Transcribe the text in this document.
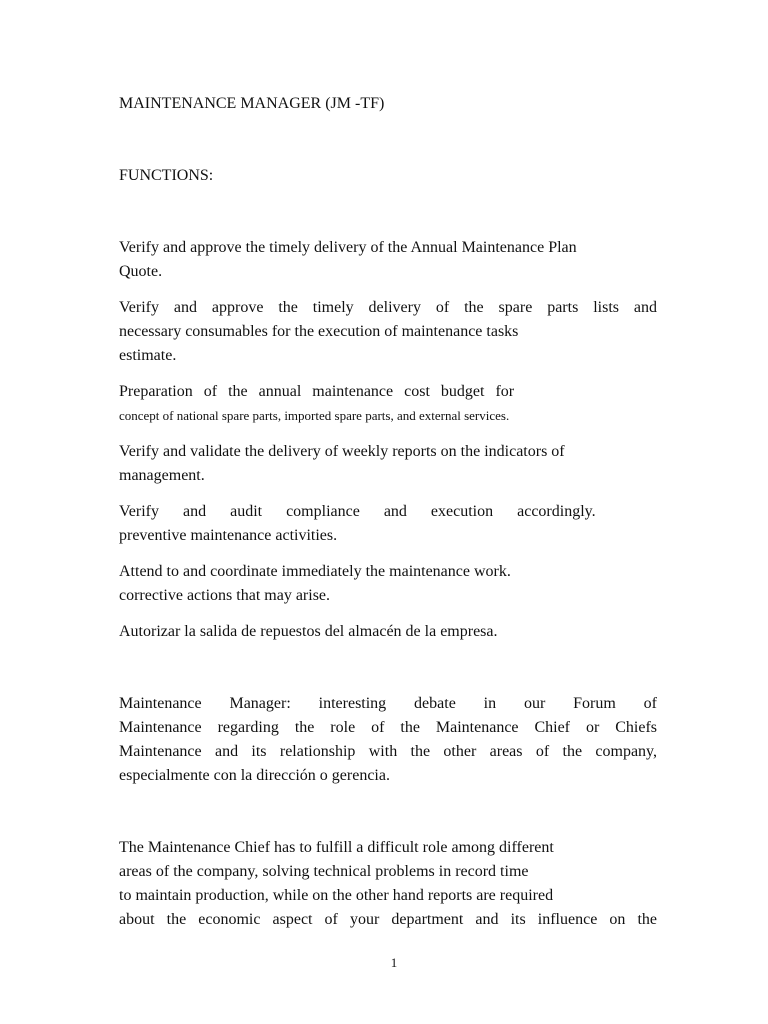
MAINTENANCE MANAGER (JM -TF)

FUNCTIONS:

Verify and approve the timely delivery of the Annual Maintenance Plan

Quote.

Verify and approve the timely delivery of the spare parts lists and

necessary consumables for the execution of maintenance tasks

estimate.

Preparation of the annual maintenance cost budget for

concept of national spare parts, imported spare parts, and external services.

Verify and validate the delivery of weekly reports on the indicators of

management.

Verify and audit compliance and execution accordingly.

preventive maintenance activities.

Attend to and coordinate immediately the maintenance work.

corrective actions that may arise.

Autorizar la salida de repuestos del almacén de la empresa.

Maintenance Manager: interesting debate in our Forum of

Maintenance regarding the role of the Maintenance Chief or Chiefs

Maintenance and its relationship with the other areas of the company,

especialmente con la dirección o gerencia.

The Maintenance Chief has to fulfill a difficult role among different

areas of the company, solving technical problems in record time

to maintain production, while on the other hand reports are required

about the economic aspect of your department and its influence on the

1
